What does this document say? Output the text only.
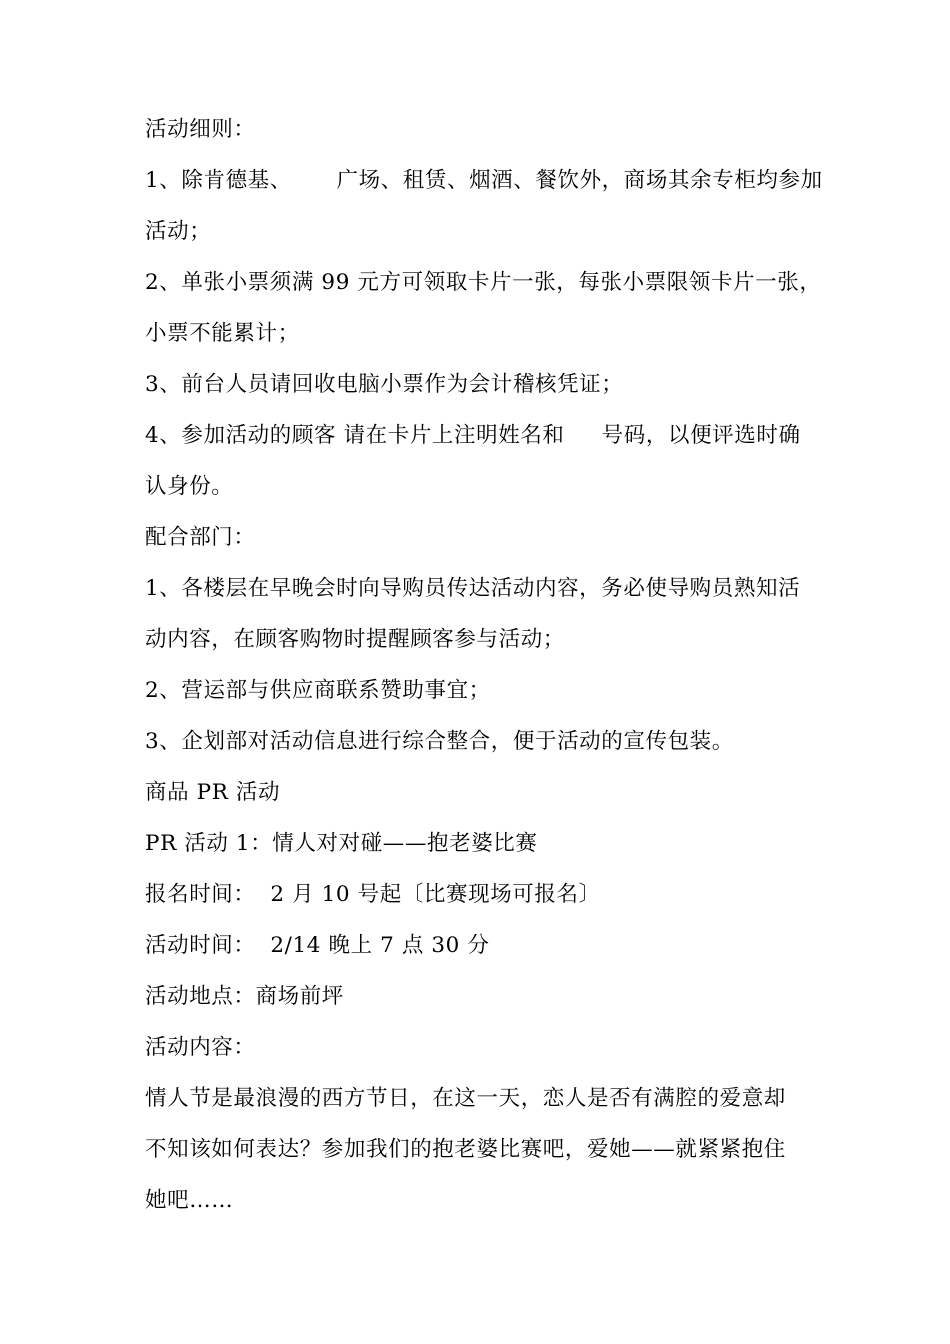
活动细则：
1、除肯德基、      广场、租赁、烟酒、餐饮外，商场其余专柜均参加
活动；
2、单张小票须满 99 元方可领取卡片一张，每张小票限领卡片一张，
小票不能累计；
3、前台人员请回收电脑小票作为会计稽核凭证；
4、参加活动的顾客 请在卡片上注明姓名和     号码，以便评选时确
认身份。
配合部门：
1、各楼层在早晚会时向导购员传达活动内容，务必使导购员熟知活
动内容，在顾客购物时提醒顾客参与活动；
2、营运部与供应商联系赞助事宜；
3、企划部对活动信息进行综合整合，便于活动的宣传包装。
商品 PR 活动
PR 活动 1：情人对对碰——抱老婆比赛
报名时间：  2 月 10 号起〔比赛现场可报名〕
活动时间：  2/14 晚上 7 点 30 分
活动地点：商场前坪
活动内容：
情人节是最浪漫的西方节日，在这一天，恋人是否有满腔的爱意却
不知该如何表达？参加我们的抱老婆比赛吧，爱她——就紧紧抱住
她吧……
